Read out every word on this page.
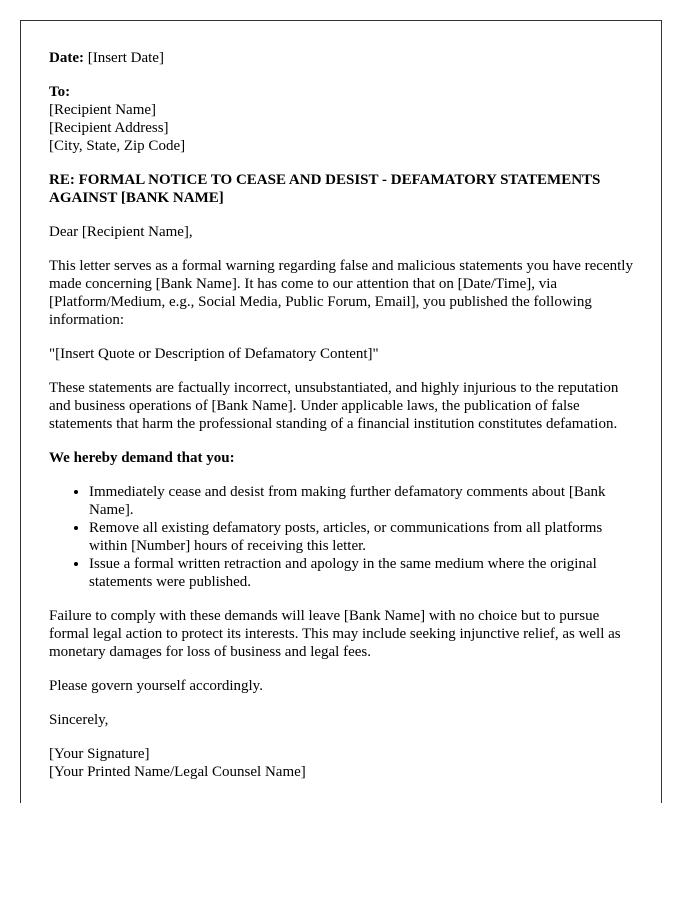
Date: [Insert Date]

To:
[Recipient Name]
[Recipient Address]
[City, State, Zip Code]

RE: FORMAL NOTICE TO CEASE AND DESIST - DEFAMATORY STATEMENTS AGAINST [BANK NAME]

Dear [Recipient Name],

This letter serves as a formal warning regarding false and malicious statements you have recently made concerning [Bank Name]. It has come to our attention that on [Date/Time], via [Platform/Medium, e.g., Social Media, Public Forum, Email], you published the following information:

"[Insert Quote or Description of Defamatory Content]"

These statements are factually incorrect, unsubstantiated, and highly injurious to the reputation and business operations of [Bank Name]. Under applicable laws, the publication of false statements that harm the professional standing of a financial institution constitutes defamation.

We hereby demand that you:

• Immediately cease and desist from making further defamatory comments about [Bank Name].
• Remove all existing defamatory posts, articles, or communications from all platforms within [Number] hours of receiving this letter.
• Issue a formal written retraction and apology in the same medium where the original statements were published.

Failure to comply with these demands will leave [Bank Name] with no choice but to pursue formal legal action to protect its interests. This may include seeking injunctive relief, as well as monetary damages for loss of business and legal fees.

Please govern yourself accordingly.

Sincerely,

[Your Signature]
[Your Printed Name/Legal Counsel Name]
